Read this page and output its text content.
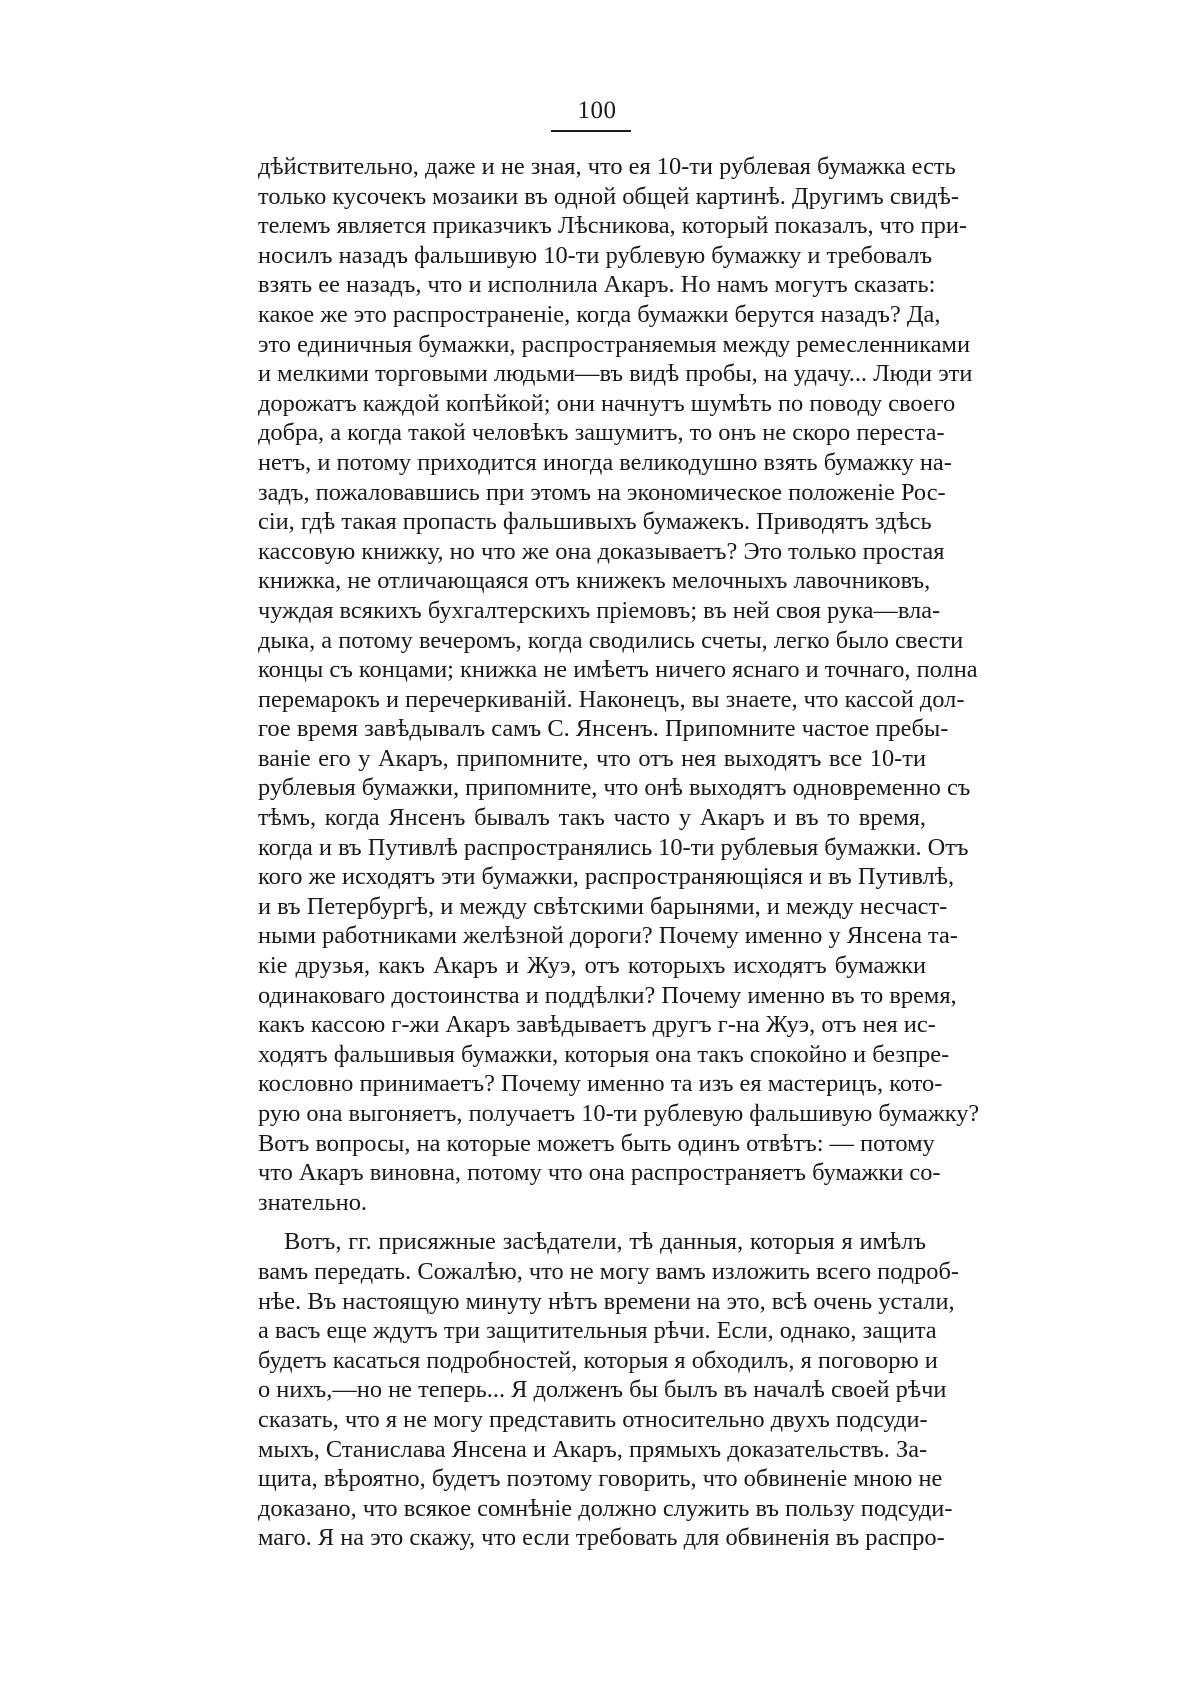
100
дѣйствительно, даже и не зная, что ея 10-ти рублевая бумажка есть
только кусочекъ мозаики въ одной общей картинѣ. Другимъ свидѣ-
телемъ является приказчикъ Лѣсникова, который показалъ, что при-
носилъ назадъ фальшивую 10-ти рублевую бумажку и требовалъ
взять ее назадъ, что и исполнила Акаръ. Но намъ могутъ сказать:
какое же это распространеніе, когда бумажки берутся назадъ? Да,
это единичныя бумажки, распространяемыя между ремесленниками
и мелкими торговыми людьми—въ видѣ пробы, на удачу... Люди эти
дорожатъ каждой копѣйкой; они начнутъ шумѣть по поводу своего
добра, а когда такой человѣкъ зашумитъ, то онъ не скоро переста-
нетъ, и потому приходится иногда великодушно взять бумажку на-
задъ, пожаловавшись при этомъ на экономическое положеніе Рос-
сіи, гдѣ такая пропасть фальшивыхъ бумажекъ. Приводятъ здѣсь
кассовую книжку, но что же она доказываетъ? Это только простая
книжка, не отличающаяся отъ книжекъ мелочныхъ лавочниковъ,
чуждая всякихъ бухгалтерскихъ пріемовъ; въ ней своя рука—вла-
дыка, а потому вечеромъ, когда сводились счеты, легко было свести
концы съ концами; книжка не имѣетъ ничего яснаго и точнаго, полна
перемарокъ и перечеркиваній. Наконецъ, вы знаете, что кассой дол-
гое время завѣдывалъ самъ С. Янсенъ. Припомните частое пребы-
ваніе его у Акаръ, припомните, что отъ нея выходятъ все 10-ти
рублевыя бумажки, припомните, что онѣ выходятъ одновременно съ
тѣмъ, когда Янсенъ бывалъ такъ часто у Акаръ и въ то время,
когда и въ Путивлѣ распространялись 10-ти рублевыя бумажки. Отъ
кого же исходятъ эти бумажки, распространяющіяся и въ Путивлѣ,
и въ Петербургѣ, и между свѣтскими барынями, и между несчаст-
ными работниками желѣзной дороги? Почему именно у Янсена та-
кіе друзья, какъ Акаръ и Жуэ, отъ которыхъ исходятъ бумажки
одинаковаго достоинства и поддѣлки? Почему именно въ то время,
какъ кассою г-жи Акаръ завѣдываетъ другъ г-на Жуэ, отъ нея ис-
ходятъ фальшивыя бумажки, которыя она такъ спокойно и безпре-
кословно принимаетъ? Почему именно та изъ ея мастерицъ, кото-
рую она выгоняетъ, получаетъ 10-ти рублевую фальшивую бумажку?
Вотъ вопросы, на которые можетъ быть одинъ отвѣтъ: — потому
что Акаръ виновна, потому что она распространяетъ бумажки со-
знательно.
Вотъ, гг. присяжные засѣдатели, тѣ данныя, которыя я имѣлъ
вамъ передать. Сожалѣю, что не могу вамъ изложить всего подроб-
нѣе. Въ настоящую минуту нѣтъ времени на это, всѣ очень устали,
а васъ еще ждутъ три защитительныя рѣчи. Если, однако, защита
будетъ касаться подробностей, которыя я обходилъ, я поговорю и
о нихъ,—но не теперь... Я долженъ бы былъ въ началѣ своей рѣчи
сказать, что я не могу представить относительно двухъ подсуди-
мыхъ, Станислава Янсена и Акаръ, прямыхъ доказательствъ. За-
щита, вѣроятно, будетъ поэтому говорить, что обвиненіе мною не
доказано, что всякое сомнѣніе должно служить въ пользу подсуди-
маго. Я на это скажу, что если требовать для обвиненія въ распро-
